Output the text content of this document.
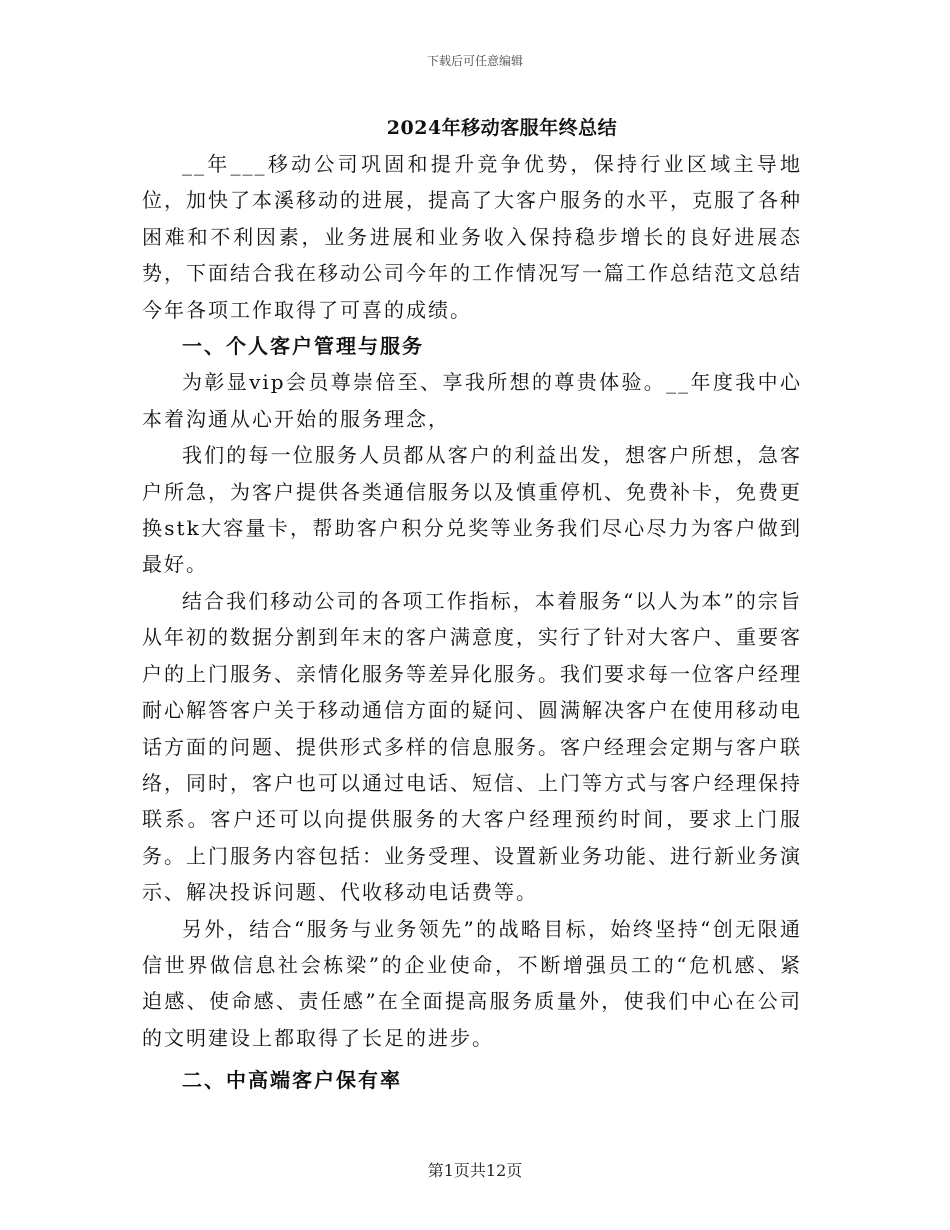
下载后可任意编辑
2024年移动客服年终总结

__年___移动公司巩固和提升竞争优势，保持行业区域主导地位，加快了本溪移动的进展，提高了大客户服务的水平，克服了各种困难和不利因素，业务进展和业务收入保持稳步增长的良好进展态势，下面结合我在移动公司今年的工作情况写一篇工作总结范文总结今年各项工作取得了可喜的成绩。

一、个人客户管理与服务

为彰显vip会员尊崇倍至、享我所想的尊贵体验。__年度我中心本着沟通从心开始的服务理念，

我们的每一位服务人员都从客户的利益出发，想客户所想，急客户所急，为客户提供各类通信服务以及慎重停机、免费补卡，免费更换stk大容量卡，帮助客户积分兑奖等业务我们尽心尽力为客户做到最好。

结合我们移动公司的各项工作指标，本着服务“以人为本”的宗旨从年初的数据分割到年末的客户满意度，实行了针对大客户、重要客户的上门服务、亲情化服务等差异化服务。我们要求每一位客户经理耐心解答客户关于移动通信方面的疑问、圆满解决客户在使用移动电话方面的问题、提供形式多样的信息服务。客户经理会定期与客户联络，同时，客户也可以通过电话、短信、上门等方式与客户经理保持联系。客户还可以向提供服务的大客户经理预约时间，要求上门服务。上门服务内容包括：业务受理、设置新业务功能、进行新业务演示、解决投诉问题、代收移动电话费等。

另外，结合“服务与业务领先”的战略目标，始终坚持“创无限通信世界做信息社会栋梁”的企业使命，不断增强员工的“危机感、紧迫感、使命感、责任感”在全面提高服务质量外，使我们中心在公司的文明建设上都取得了长足的进步。

二、中高端客户保有率

第1页共12页
